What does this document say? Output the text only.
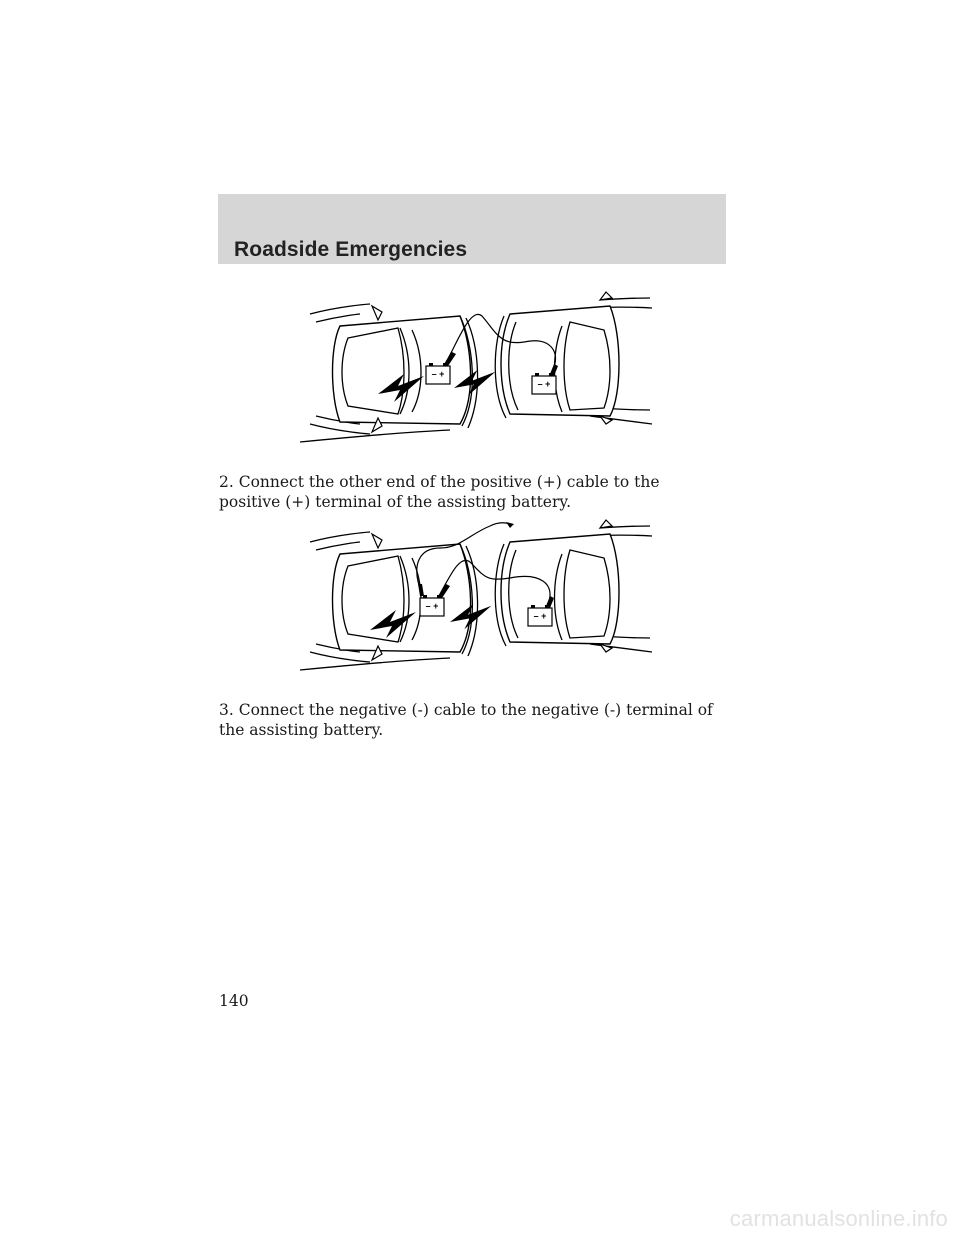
Roadside Emergencies
– +
– +

2. Connect the other end of the positive (+) cable to the positive (+) terminal of the assisting battery.

– +
– +

3. Connect the negative (-) cable to the negative (-) terminal of the assisting battery.

140

carmanualsonline.info
